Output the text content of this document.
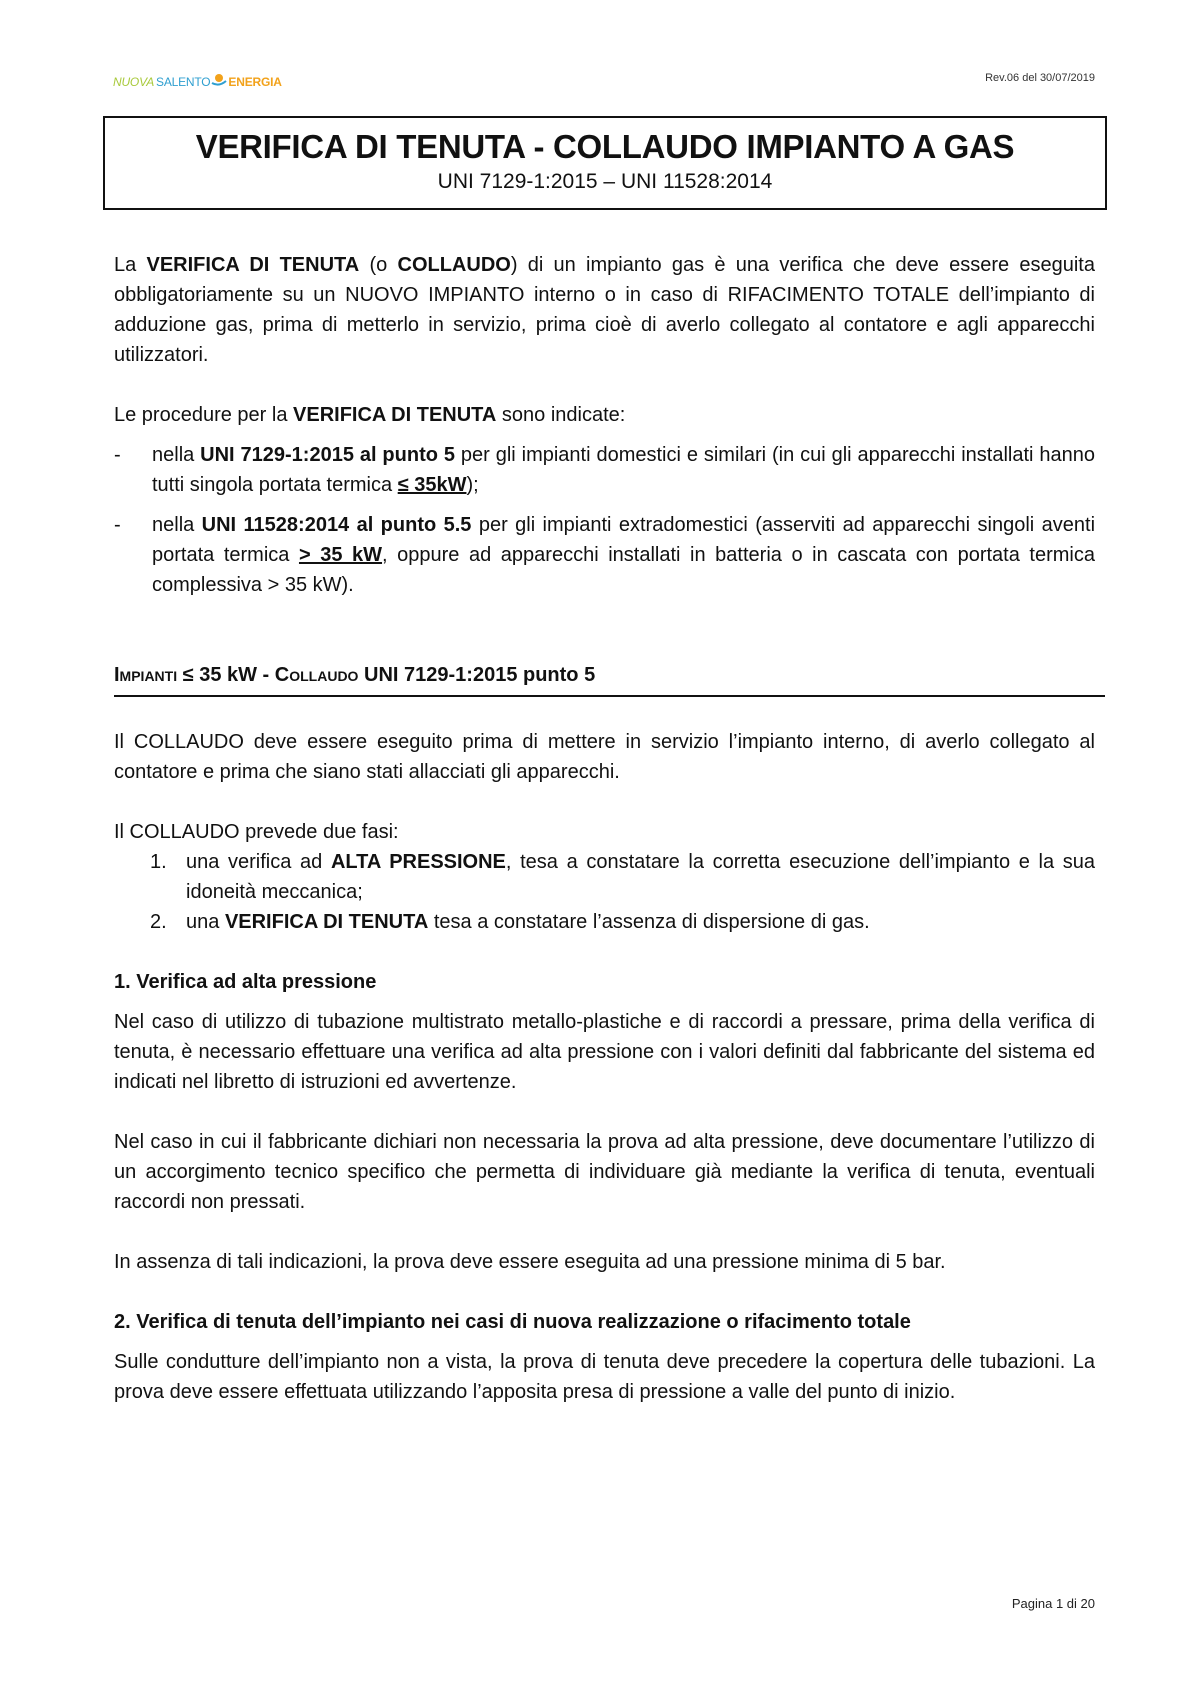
NUOVA SALENTO ENERGIA	Rev.06 del 30/07/2019
VERIFICA DI TENUTA - COLLAUDO IMPIANTO A GAS
UNI 7129-1:2015 – UNI 11528:2014

La VERIFICA DI TENUTA (o COLLAUDO) di un impianto gas è una verifica che deve essere eseguita obbligatoriamente su un NUOVO IMPIANTO interno o in caso di RIFACIMENTO TOTALE dell’impianto di adduzione gas, prima di metterlo in servizio, prima cioè di averlo collegato al contatore e agli apparecchi utilizzatori.

Le procedure per la VERIFICA DI TENUTA sono indicate:

-	nella UNI 7129-1:2015 al punto 5 per gli impianti domestici e similari (in cui gli apparecchi installati hanno tutti singola portata termica ≤ 35kW);
-	nella UNI 11528:2014 al punto 5.5 per gli impianti extradomestici (asserviti ad apparecchi singoli aventi portata termica > 35 kW, oppure ad apparecchi installati in batteria o in cascata con portata termica complessiva > 35 kW).
Impianti ≤ 35 kW - Collaudo UNI 7129-1:2015 punto 5

Il COLLAUDO deve essere eseguito prima di mettere in servizio l’impianto interno, di averlo collegato al contatore e prima che siano stati allacciati gli apparecchi.

Il COLLAUDO prevede due fasi:

1. una verifica ad ALTA PRESSIONE, tesa a constatare la corretta esecuzione dell’impianto e la sua idoneità meccanica;
2. una VERIFICA DI TENUTA tesa a constatare l’assenza di dispersione di gas.
1. Verifica ad alta pressione

Nel caso di utilizzo di tubazione multistrato metallo-plastiche e di raccordi a pressare, prima della verifica di tenuta, è necessario effettuare una verifica ad alta pressione con i valori definiti dal fabbricante del sistema ed indicati nel libretto di istruzioni ed avvertenze.

Nel caso in cui il fabbricante dichiari non necessaria la prova ad alta pressione, deve documentare l’utilizzo di un accorgimento tecnico specifico che permetta di individuare già mediante la verifica di tenuta, eventuali raccordi non pressati.

In assenza di tali indicazioni, la prova deve essere eseguita ad una pressione minima di 5 bar.

2. Verifica di tenuta dell’impianto nei casi di nuova realizzazione o rifacimento totale

Sulle condutture dell’impianto non a vista, la prova di tenuta deve precedere la copertura delle tubazioni. La prova deve essere effettuata utilizzando l’apposita presa di pressione a valle del punto di inizio.

Pagina 1 di 20
